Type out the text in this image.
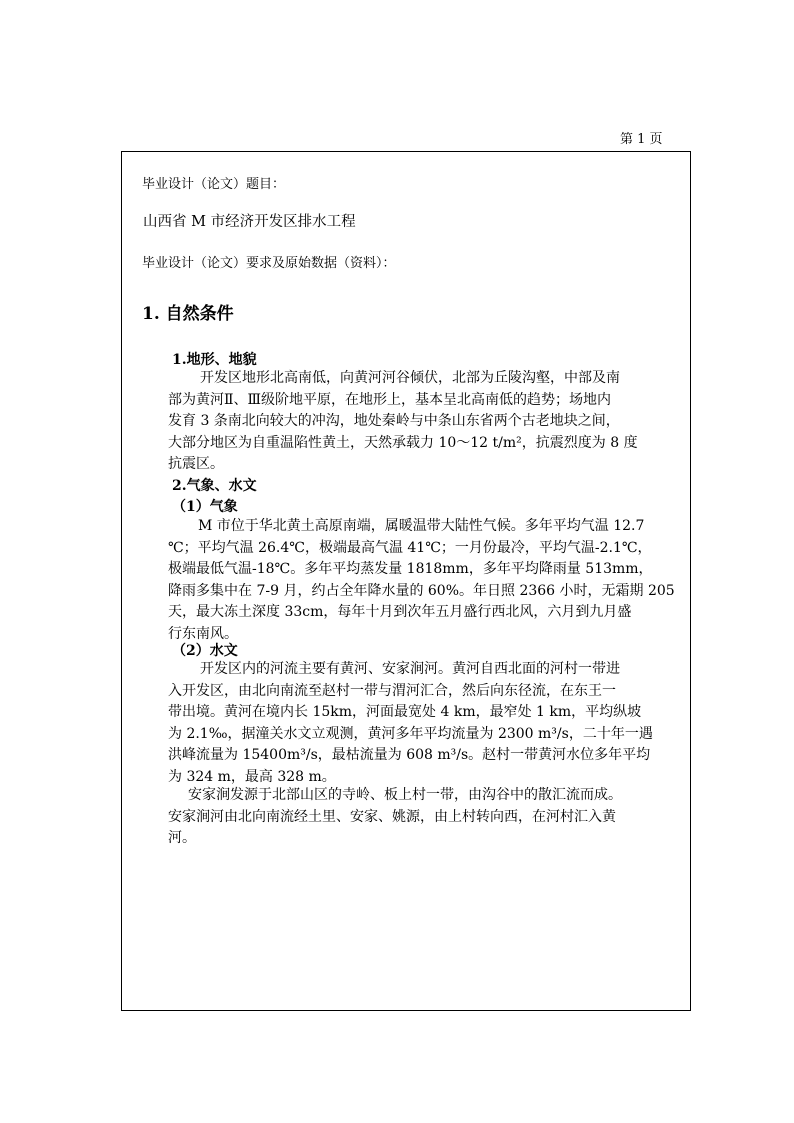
第 1 页
毕业设计（论文）题目：
山西省 M 市经济开发区排水工程
毕业设计（论文）要求及原始数据（资料）：
1. 自然条件
1.地形、地貌

开发区地形北高南低，向黄河河谷倾伏，北部为丘陵沟壑，中部及南

部为黄河Ⅱ、Ⅲ级阶地平原，在地形上，基本呈北高南低的趋势；场地内

发育 3 条南北向较大的冲沟，地处秦岭与中条山东省两个古老地块之间，

大部分地区为自重温陷性黄土，天然承载力 10～12 t/m²，抗震烈度为 8 度

抗震区。

2.气象、水文
（1）气象

M 市位于华北黄土高原南端，属暖温带大陆性气候。多年平均气温 12.7

℃；平均气温 26.4℃，极端最高气温 41℃；一月份最冷，平均气温-2.1℃，

极端最低气温-18℃。多年平均蒸发量 1818mm，多年平均降雨量 513mm，

降雨多集中在 7-9 月，约占全年降水量的 60%。年日照 2366 小时，无霜期 205

天，最大冻土深度 33cm，每年十月到次年五月盛行西北风，六月到九月盛

行东南风。

（2）水文

开发区内的河流主要有黄河、安家涧河。黄河自西北面的河村一带进

入开发区，由北向南流至赵村一带与渭河汇合，然后向东径流，在东王一

带出境。黄河在境内长 15km，河面最宽处 4 km，最窄处 1 km，平均纵坡

为 2.1‰，据潼关水文立观测，黄河多年平均流量为 2300 m³/s，二十年一遇

洪峰流量为 15400m³/s，最枯流量为 608 m³/s。赵村一带黄河水位多年平均

为 324 m，最高 328 m。

安家涧发源于北部山区的寺岭、板上村一带，由沟谷中的散汇流而成。

安家涧河由北向南流经土里、安家、姚源，由上村转向西，在河村汇入黄

河。
